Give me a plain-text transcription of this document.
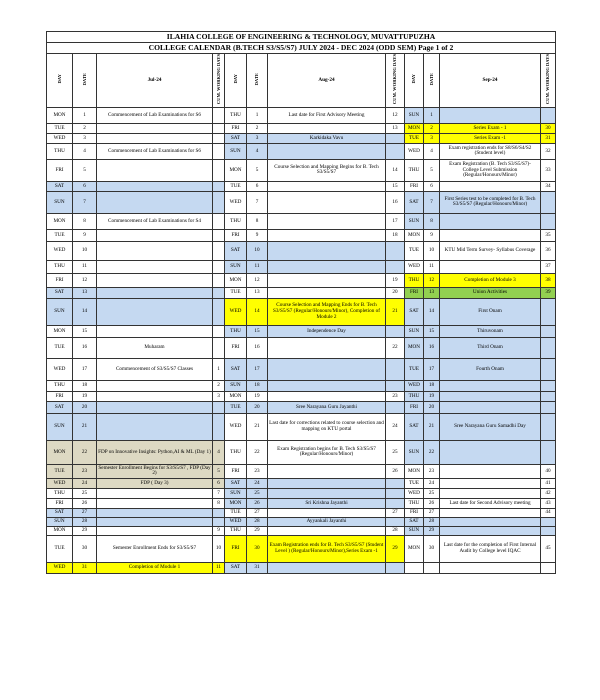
ILAHIA COLLEGE OF ENGINEERING & TECHNOLOGY, MUVATTUPUZHA											
COLLEGE CALENDAR (B.TECH S3/S5/S7) JULY 2024 - DEC 2024 (ODD SEM) Page 1 of 2											
DAY	DATE	Jul-24	CUM. WORKING DAYS	DAY	DATE	Aug-24	CUM. WORKING DAYS	DAY	DATE	Sep-24	CUM. WORKING DAYS
MON	1	Commencement of Lab Examinations for S6		THU	1	Last date for First Advisory Meeting	12	SUN	1		
TUE	2			FRI	2		13	MON	2	Series Exam - 1	30
WED	3			SAT	3	Karkidaka Vavu		TUE	3	Series Exam -1	31
THU	4	Commencement of Lab Examinations for S6		SUN	4			WED	4	Exam registration ends for S8/S6/S4/S2 (Student level)	32
FRI	5			MON	5	Course Selection and Mapping Begins for B. Tech S3/S5/S7	14	THU	5	Exam Registration (B. Tech S3/S5/S7)- College Level Submission (Regular/Honours/Minor)	33
SAT	6			TUE	6		15	FRI	6		34
SUN	7			WED	7		16	SAT	7	First Series test to be completed for B. Tech S3/S5/S7 (Regular/Honours/Minor)	
MON	8	Commencement of Lab Examinations for S4		THU	8		17	SUN	8		
TUE	9			FRI	9		18	MON	9		35
WED	10			SAT	10			TUE	10	KTU Mid Term Survey- Syllabus Coverage	36
THU	11			SUN	11			WED	11		37
FRI	12			MON	12		19	THU	12	Completion of Module 3	38
SAT	13			TUE	13		20	FRI	13	Union Activities	39
SUN	14			WED	14	Course Selection and Mapping Ends for B. Tech S3/S5/S7 (Regular/Honours/Minor), Completion of Module 2	21	SAT	14	First Onam	
MON	15			THU	15	Independence Day		SUN	15	Thiruvonam	
TUE	16	Muharam		FRI	16		22	MON	16	Third Onam	
WED	17	Commencement of S3/S5/S7 Classes	1	SAT	17			TUE	17	Fourth Onam	
THU	18		2	SUN	18			WED	18		
FRI	19		3	MON	19		23	THU	19		
SAT	20			TUE	20	Sree Narayana Guru Jayanthi		FRI	20		
SUN	21			WED	21	Last date for corrections related to course selection and mapping on KTU portal	24	SAT	21	Sree Narayana Guru Samadhi Day	
MON	22	FDP on Innovative Insights: Python,AI & ML (Day 1)	4	THU	22	Exam Registration begins for B. Tech S3/S5/S7 (Regular/Honours/Minor)	25	SUN	22		
TUE	23	Semester Enrollment Begins for S3/S5/S7 , FDP (Day 2)	5	FRI	23		26	MON	23		40
WED	24	FDP ( Day 3)	6	SAT	24			TUE	24		41
THU	25		7	SUN	25			WED	25		42
FRI	26		8	MON	26	Sri Krishna Jayanthi		THU	26	Last date for Second Advisory meeting	43
SAT	27			TUE	27		27	FRI	27		44
SUN	28			WED	28	Ayyankali Jayanthi		SAT	28		
MON	29		9	THU	29		28	SUN	29		
TUE	30	Semester Enrollment Ends for S3/S5/S7	10	FRI	30	Exam Registration ends for B. Tech S3/S5/S7 (Student Level ) (Regular/Honours/Minor),Series Exam -1	29	MON	30	Last date for the completion of First Internal Audit by College level IQAC	45
WED	31	Completion of Module 1	11	SAT	31						
